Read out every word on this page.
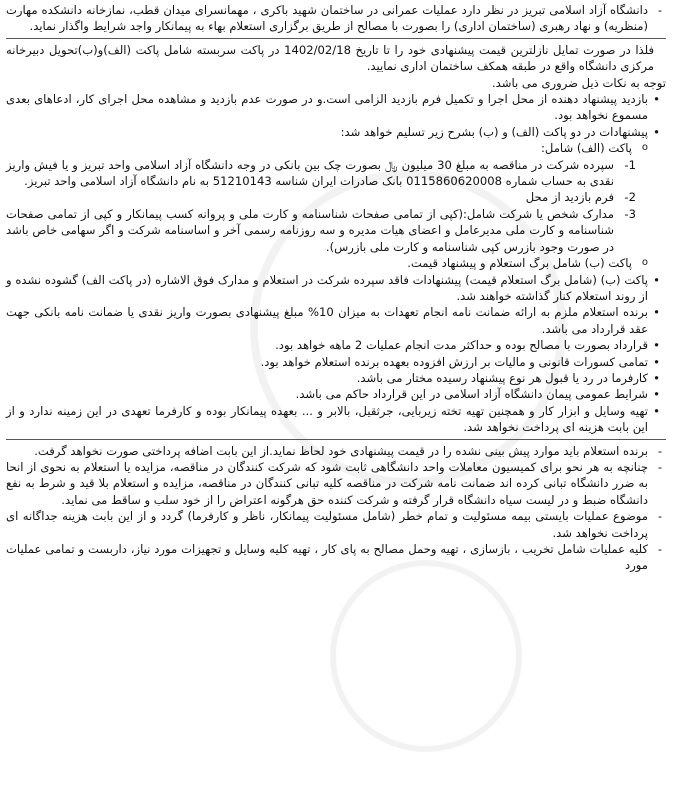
- دانشگاه آزاد اسلامی تبریز در نظر دارد عملیات عمرانی در ساختمان شهید باکری ، مهمانسرای میدان قطب، نمازخانه دانشکده مهارت (منظریه) و نهاد رهبری (ساختمان اداری) را بصورت با مصالح از طریق برگزاری استعلام بهاء به پیمانکار واجد شرایط واگذار نماید.

فلذا در صورت تمایل نازلترین قیمت پیشنهادی خود را تا تاریخ 1402/02/18 در پاکت سربسته شامل پاکت (الف)و(ب)تحویل دبیرخانه مرکزی دانشگاه واقع در طبقه همکف ساختمان اداری نمایید.

توجه به نکات ذیل ضروری می باشد.

• بازدید پیشنهاد دهنده از محل اجرا و تکمیل فرم بازدید الزامی است.و در صورت عدم بازدید و مشاهده محل اجرای کار، ادعاهای بعدی مسموع نخواهد بود.

• پیشنهادات در دو پاکت (الف) و (ب) بشرح زیر تسلیم خواهد شد:

o پاکت (الف) شامل:

1-
سپرده شرکت در مناقصه به مبلغ 30 میلیون ﷼ بصورت چک بین بانکی در وجه دانشگاه آزاد اسلامی واحد تبریز و یا فیش واریز نقدی به حساب شماره 0115860620008 بانک صادرات ایران شناسه 51210143 به نام دانشگاه آزاد اسلامی واحد تبریز.
2-
فرم بازدید از محل
3-
مدارک شخص یا شرکت شامل:(کپی از تمامی صفحات شناسنامه و کارت ملی و پروانه کسب پیمانکار و کپی از تمامی صفحات شناسنامه و کارت ملی مدیرعامل و اعضای هیات مدیره و سه روزنامه رسمی آخر و اساسنامه شرکت و اگر سهامی خاص باشد در صورت وجود بازرس کپی شناسنامه و کارت ملی بازرس).

o پاکت (ب) شامل برگ استعلام و پیشنهاد قیمت.

• پاکت (ب) (شامل برگ استعلام قیمت) پیشنهادات فاقد سپرده شرکت در استعلام و مدارک فوق الاشاره (در پاکت الف) گشوده نشده و از روند استعلام کنار گذاشته خواهند شد.

• برنده استعلام ملزم به ارائه ضمانت نامه انجام تعهدات به میزان 10% مبلغ پیشنهادی بصورت واریز نقدی یا ضمانت نامه بانکی جهت عقد قرارداد می باشد.

• قرارداد بصورت با مصالح بوده و حداکثر مدت انجام عملیات 2 ماهه خواهد بود.

• تمامی کسورات قانونی و مالیات بر ارزش افزوده بعهده برنده استعلام خواهد بود.

• کارفرما در رد یا قبول هر نوع پیشنهاد رسیده مختار می باشد.

• شرایط عمومی پیمان دانشگاه آزاد اسلامی در این قرارداد حاکم می باشد.

• تهیه وسایل و ابزار کار و همچنین تهیه تخته زیربایی، جرثقیل، بالابر و ... بعهده پیمانکار بوده و کارفرما تعهدی در این زمینه ندارد و از این بابت هزینه ای پرداخت نخواهد شد.

- برنده استعلام باید موارد پیش بینی نشده را در قیمت پیشنهادی خود لحاظ نماید.از این بابت اضافه پرداختی صورت نخواهد گرفت.

- چنانچه به هر نحو برای کمیسیون معاملات واحد دانشگاهی ثابت شود که شرکت کنندگان در مناقصه، مزایده یا استعلام به نحوی از انحا به ضرر دانشگاه تبانی کرده اند ضمانت نامه شرکت در مناقصه کلیه تبانی کنندگان در مناقصه، مزایده و استعلام بلا قید و شرط به نفع دانشگاه ضبط و در لیست سیاه دانشگاه قرار گرفته و شرکت کننده حق هرگونه اعتراض را از خود سلب و ساقط می نماید.

- موضوع عملیات بایستی بیمه مسئولیت و تمام خطر (شامل مسئولیت پیمانکار، ناظر و کارفرما) گردد و از این بابت هزینه جداگانه ای پرداخت نخواهد شد.

- کلیه عملیات شامل تخریب ، بازسازی ، تهیه وحمل مصالح به پای کار ، تهیه کلیه وسایل و تجهیزات مورد نیاز، داربست و تمامی عملیات مورد
